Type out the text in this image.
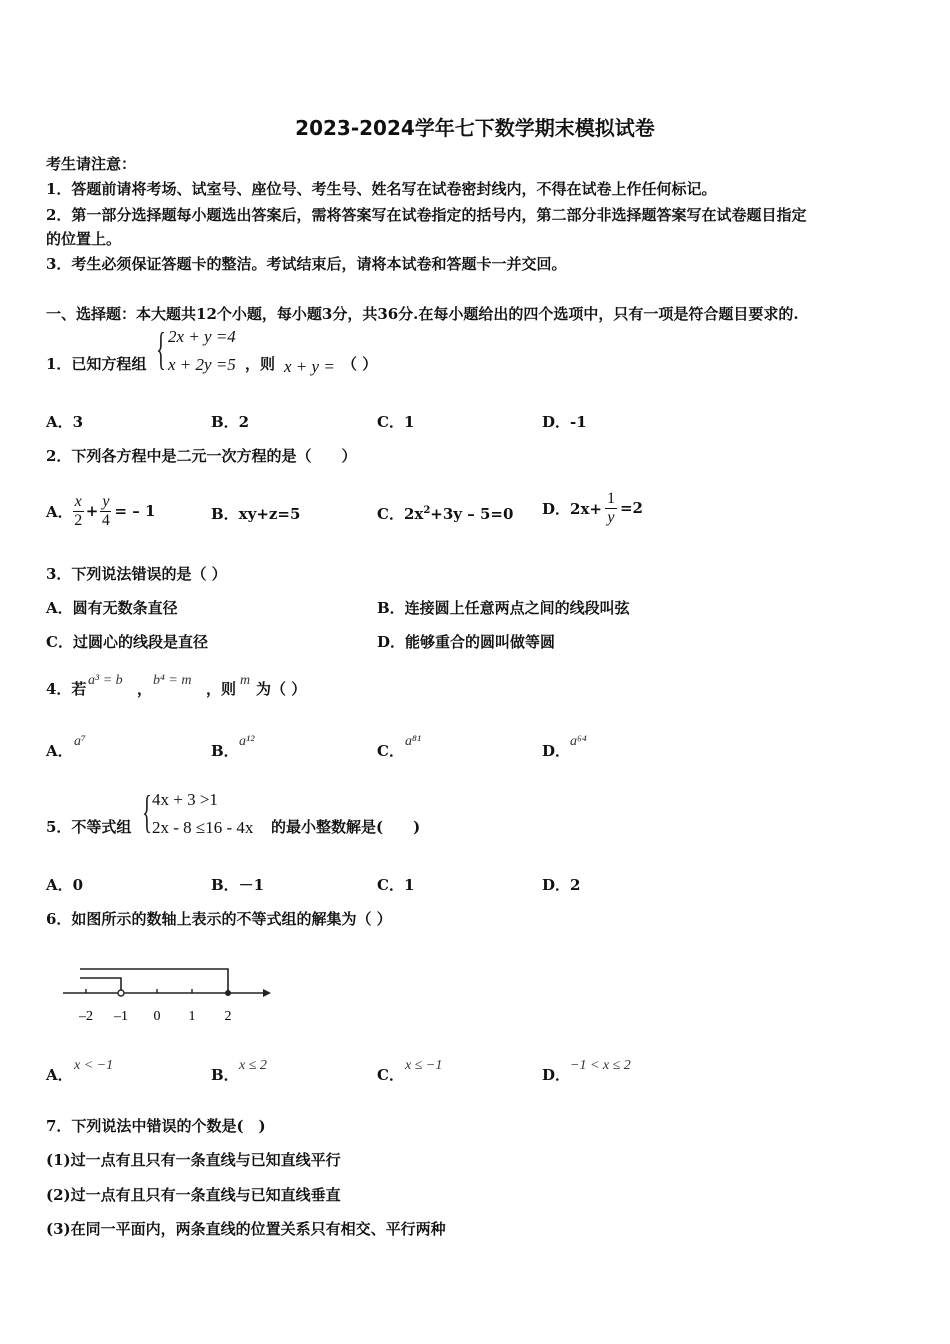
2023-2024学年七下数学期末模拟试卷
考生请注意：
1．答题前请将考场、试室号、座位号、考生号、姓名写在试卷密封线内，不得在试卷上作任何标记。
2．第一部分选择题每小题选出答案后，需将答案写在试卷指定的括号内，第二部分非选择题答案写在试卷题目指定
的位置上。
3．考生必须保证答题卡的整洁。考试结束后，请将本试卷和答题卡一并交回。
一、选择题：本大题共12个小题，每小题3分，共36分.在每小题给出的四个选项中，只有一项是符合题目要求的.
1．已知方程组 { 2x + y =4
x + 2y =5 ，则 x + y = （ ）
A．3	B．2	C．1	D．-1
2．下列各方程中是二元一次方程的是（　　）
A． $\frac{x}{2} + \frac{y}{4}$ = – 1	B．xy+z=5	C．$2x^2+3y - 5=0$ D．$2x+ \frac{1}{y} =2$
3．下列说法错误的是（ ）
A．圆有无数条直径	B．连接圆上任意两点之间的线段叫弦
C．过圆心的线段是直径	D．能够重合的圆叫做等圆
4．若 a³ = b ， b⁴ = m ，则 m 为（ ）
A．
a⁷
B．
a¹²
C．
a⁸¹
D．
a⁶⁴
5．不等式组 { 4x + 3 >1
2x - 8 ≤16 - 4x 的最小整数解是(　　)
A．0	B．－1	C．1	D．2
6．如图所示的数轴上表示的不等式组的解集为（ ）
–2 –1 0 1 2
A．
x < −1
B．
x ≤ 2
C．
x ≤ −1
D．
−1 < x ≤ 2
7．下列说法中错误的个数是(　)
(1)过一点有且只有一条直线与已知直线平行
(2)过一点有且只有一条直线与已知直线垂直
(3)在同一平面内，两条直线的位置关系只有相交、平行两种
